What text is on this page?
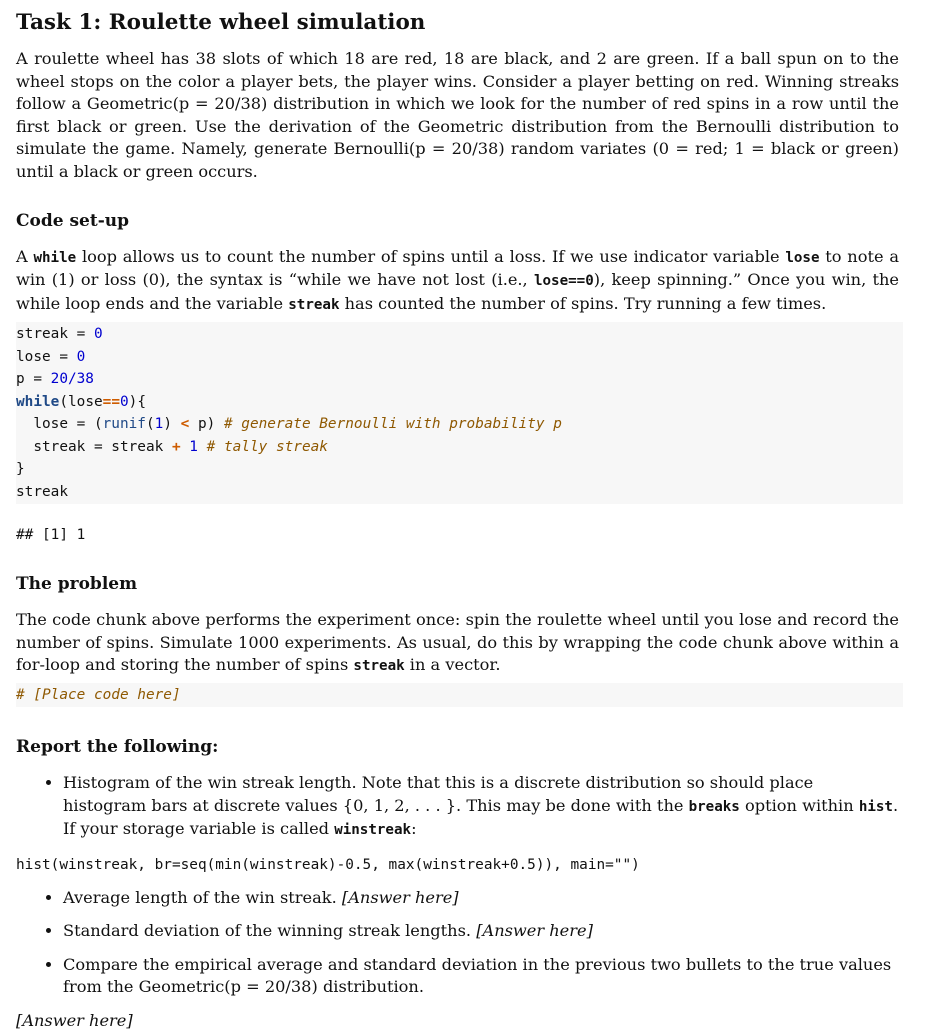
Task 1: Roulette wheel simulation

A roulette wheel has 38 slots of which 18 are red, 18 are black, and 2 are green. If a ball spun on to the wheel stops on the color a player bets, the player wins. Consider a player betting on red. Winning streaks follow a Geometric(p = 20/38) distribution in which we look for the number of red spins in a row until the first black or green. Use the derivation of the Geometric distribution from the Bernoulli distribution to simulate the game. Namely, generate Bernoulli(p = 20/38) random variates (0 = red; 1 = black or green) until a black or green occurs.

Code set-up

A while loop allows us to count the number of spins until a loss. If we use indicator variable lose to note a win (1) or loss (0), the syntax is “while we have not lost (i.e., lose==0), keep spinning.” Once you win, the while loop ends and the variable streak has counted the number of spins. Try running a few times.

streak = 0
lose = 0
p = 20/38
while(lose==0){
lose = (runif(1) < p) # generate Bernoulli with probability p
streak = streak + 1 # tally streak
}
streak
## [1] 1
The problem

The code chunk above performs the experiment once: spin the roulette wheel until you lose and record the number of spins. Simulate 1000 experiments. As usual, do this by wrapping the code chunk above within a for-loop and storing the number of spins streak in a vector.

# [Place code here]
Report the following:
• Histogram of the win streak length. Note that this is a discrete distribution so should place histogram bars at discrete values {0, 1, 2, . . . }. This may be done with the breaks option within hist. If your storage variable is called winstreak:
hist(winstreak, br=seq(min(winstreak)-0.5, max(winstreak+0.5)), main="")
• Average length of the win streak. [Answer here]
• Standard deviation of the winning streak lengths. [Answer here]
• Compare the empirical average and standard deviation in the previous two bullets to the true values from the Geometric(p = 20/38) distribution.

[Answer here]
